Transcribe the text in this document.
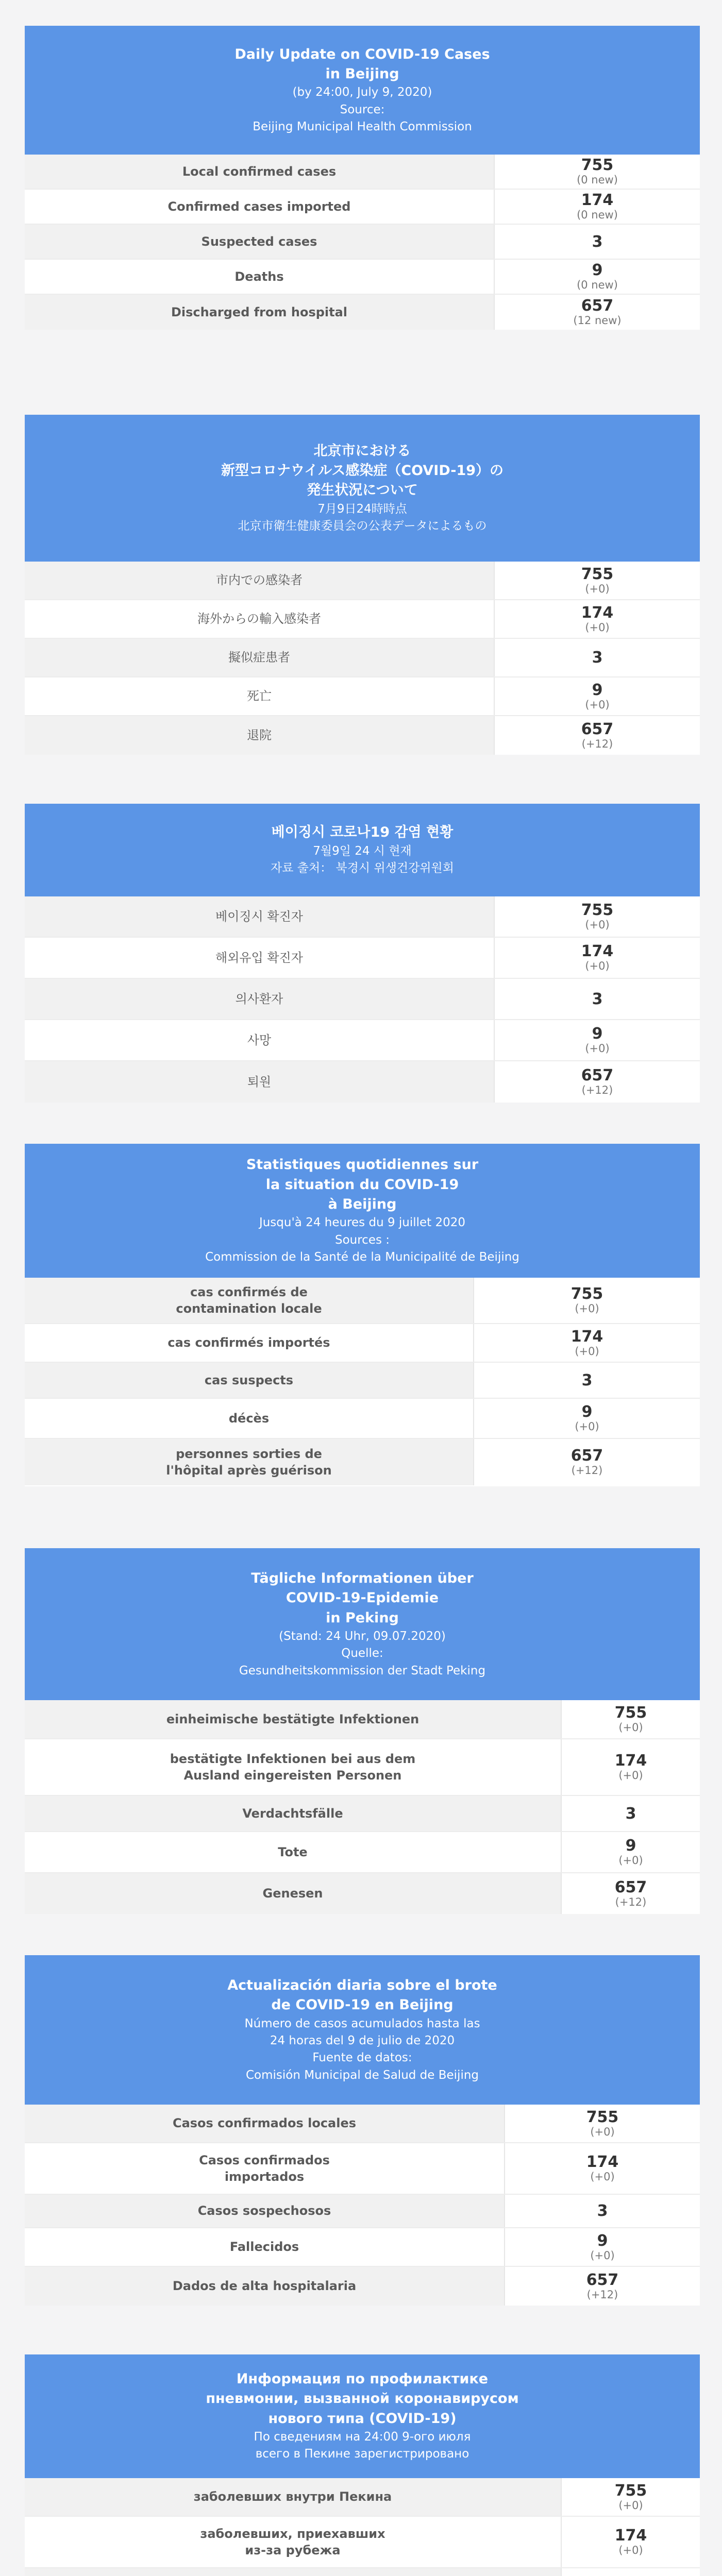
Daily Update on COVID-19 Cases
in Beijing
(by 24:00, July 9, 2020)
Source:
Beijing Municipal Health Commission
Local confirmed cases	755
(0 new)
Confirmed cases imported	174
(0 new)
Suspected cases	3
Deaths	9
(0 new)
Discharged from hospital	657
(12 new)
北京市における
新型コロナウイルス感染症（COVID-19）の
発生状況について
7月9日24時時点
北京市衛生健康委員会の公表データによるもの
市内での感染者	755
(+0)
海外からの輸入感染者	174
(+0)
擬似症患者	3
死亡	9
(+0)
退院	657
(+12)
베이징시 코로나19 감염 현황
7월9일 24 시 현재
자료 출처： 북경시 위생건강위원회
베이징시 확진자	755
(+0)
해외유입 확진자	174
(+0)
의사환자	3
사망	9
(+0)
퇴원	657
(+12)
Statistiques quotidiennes sur
la situation du COVID-19
à Beijing
Jusqu'à 24 heures du 9 juillet 2020
Sources :
Commission de la Santé de la Municipalité de Beijing
cas confirmés de
contamination locale
755
(+0)
cas confirmés importés	174
(+0)
cas suspects	3
décès	9
(+0)
personnes sorties de
l'hôpital après guérison
657
(+12)
Tägliche Informationen über
COVID-19-Epidemie
in Peking
(Stand: 24 Uhr, 09.07.2020)
Quelle:
Gesundheitskommission der Stadt Peking
einheimische bestätigte Infektionen	755
(+0)
bestätigte Infektionen bei aus dem
Ausland eingereisten Personen
174
(+0)
Verdachtsfälle	3
Tote	9
(+0)
Genesen	657
(+12)
Actualización diaria sobre el brote
de COVID-19 en Beijing
Número de casos acumulados hasta las
24 horas del 9 de julio de 2020
Fuente de datos:
Comisión Municipal de Salud de Beijing
Casos confirmados locales	755
(+0)
Casos confirmados
importados
174
(+0)
Casos sospechosos	3
Fallecidos	9
(+0)
Dados de alta hospitalaria	657
(+12)
Информация по профилактике
пневмонии, вызванной коронавирусом
нового типа (COVID-19)
По сведениям на 24:00 9-ого июля
всего в Пекине зарегистрировано
заболевших внутри Пекина	755
(+0)
заболевших, приехавших
из-за рубежа
174
(+0)
